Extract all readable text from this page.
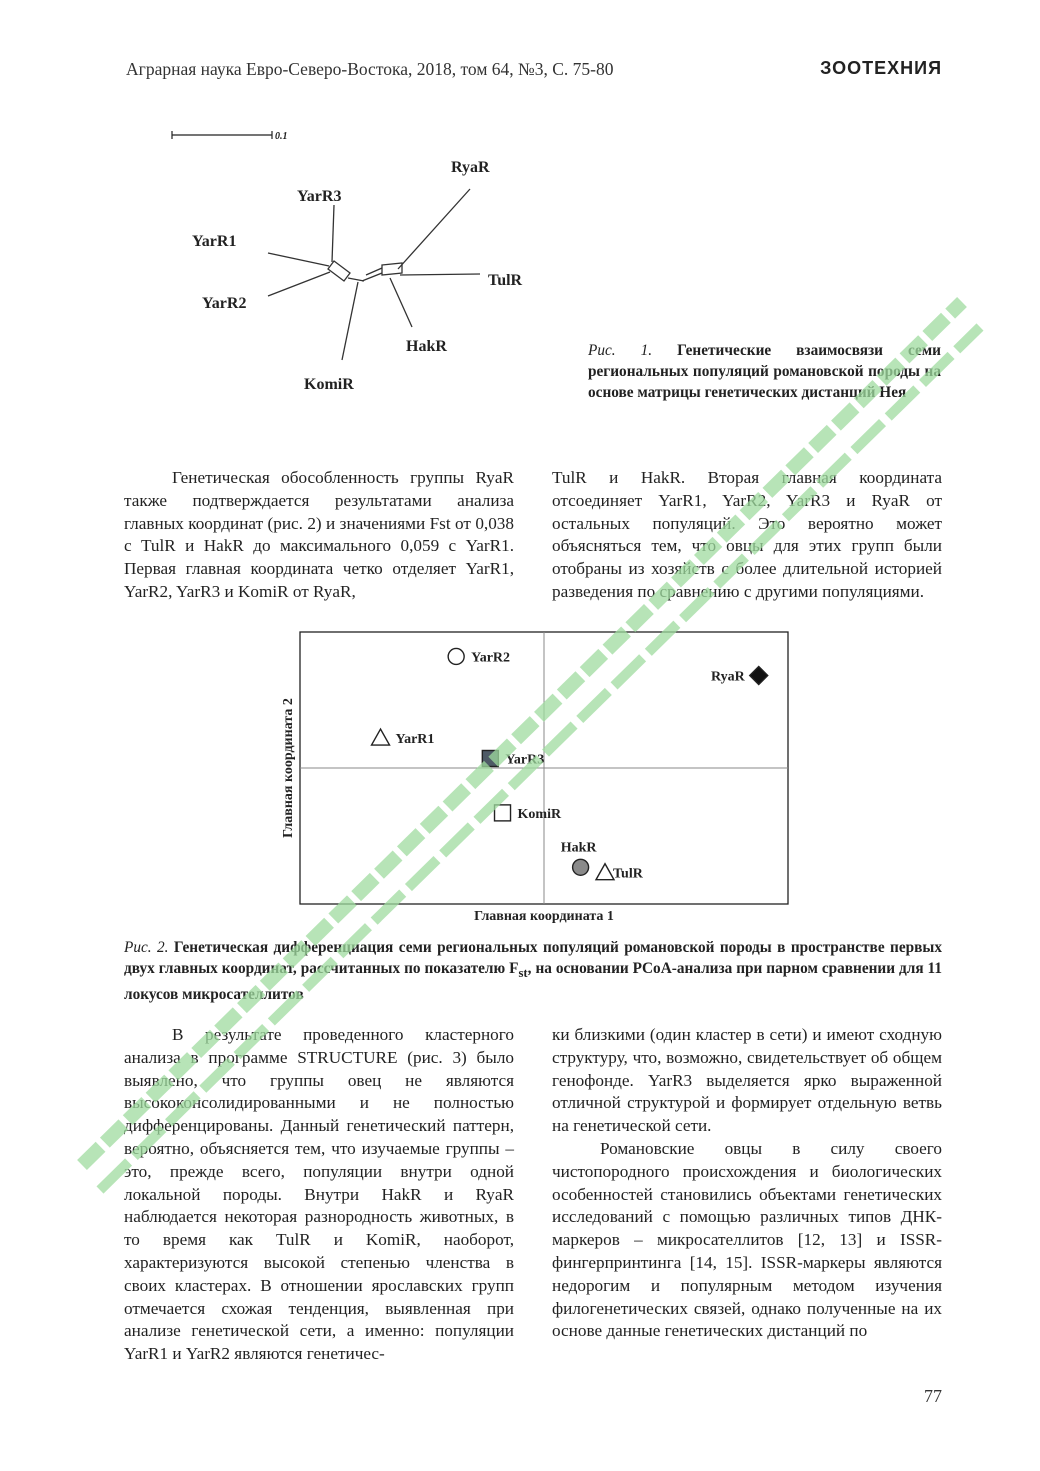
Аграрная наука Евро-Северо-Востока, 2018, том 64, №3, С. 75-80	ЗООТЕХНИЯ
0.1
RyaR
YarR3
YarR1
TulR
YarR2
HakR
KomiR
Рис. 1. Генетические взаимосвязи семи региональных популяций романовской породы на основе матрицы генетических дистанций Нея

Генетическая обособленность группы RyaR также подтверждается результатами анализа главных координат (рис. 2) и значениями Fst от 0,038 с TulR и HakR до максимального 0,059 с YarR1. Первая главная координата четко отделяет YarR1, YarR2, YarR3 и KomiR от RyaR,

TulR и HakR. Вторая главная координата отсоединяет YarR1, YarR2, YarR3 и RyaR от остальных популяций. Это вероятно может объясняться тем, что овцы для этих групп были отобраны из хозяйств с более длительной историей разведения по сравнению с другими популяциями.

YarR2
RyaR
YarR1
YarR3
KomiR
HakR
TulR
Главная координата 1
Главная координата 2
Рис. 2. Генетическая дифференциация семи региональных популяций романовской породы в пространстве первых двух главных координат, рассчитанных по показателю $F_{st}$, на основании PCoA-анализа при парном сравнении для 11 локусов микросателлитов

В результате проведенного кластерного анализа в программе STRUCTURE (рис. 3) было выявлено, что группы овец не являются высококонсолидированными и не полностью дифференцированы. Данный генетический паттерн, вероятно, объясняется тем, что изучаемые группы – это, прежде всего, популяции внутри одной локальной породы. Внутри HakR и RyaR наблюдается некоторая разнородность животных, в то время как TulR и KomiR, наоборот, характеризуются высокой степенью членства в своих кластерах. В отношении ярославских групп отмечается схожая тенденция, выявленная при анализе генетической сети, а именно: популяции YarR1 и YarR2 являются генетичес-

ки близкими (один кластер в сети) и имеют сходную структуру, что, возможно, свидетельствует об общем генофонде. YarR3 выделяется ярко выраженной отличной структурой и формирует отдельную ветвь на генетической сети.

Романовские овцы в силу своего чистопородного происхождения и биологических особенностей становились объектами генетических исследований с помощью различных типов ДНК-маркеров – микросателлитов [12, 13] и ISSR-фингерпринтинга [14, 15]. ISSR-маркеры являются недорогим и популярным методом изучения филогенетических связей, однако полученные на их основе данные генетических дистанций по

77
